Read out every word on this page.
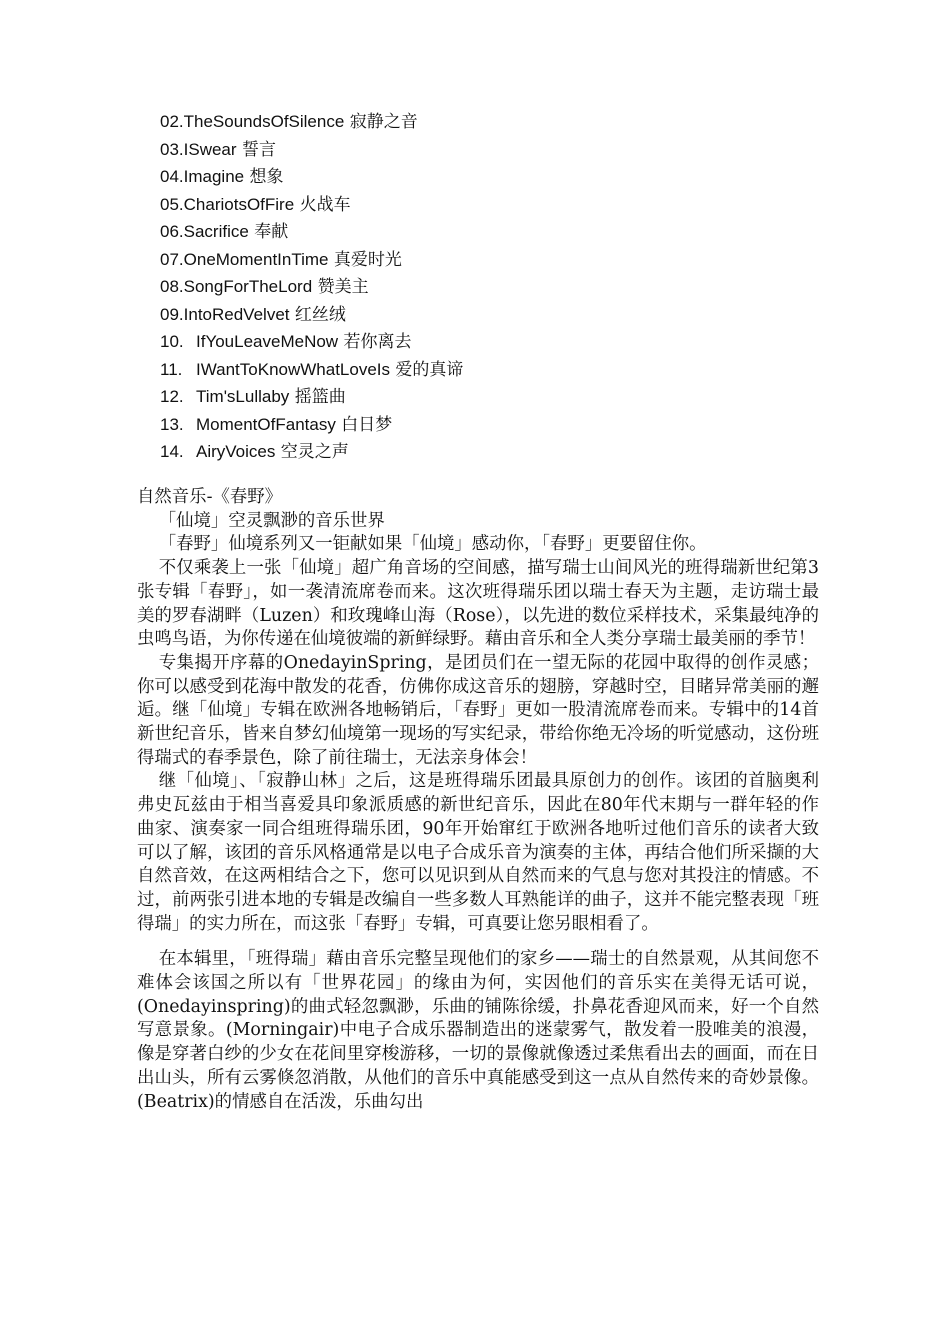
02.TheSoundsOfSilence 寂静之音
03.ISwear 誓言
04.Imagine 想象
05.ChariotsOfFire 火战车
06.Sacrifice 奉献
07.OneMomentInTime 真爱时光
08.SongForTheLord 赞美主
09.IntoRedVelvet 红丝绒
10. IfYouLeaveMeNow 若你离去
11. IWantToKnowWhatLoveIs 爱的真谛
12. Tim'sLullaby 摇篮曲
13. MomentOfFantasy 白日梦
14. AiryVoices 空灵之声

自然音乐-《春野》

「仙境」空灵飘渺的音乐世界

「春野」仙境系列又一钜献如果「仙境」感动你，「春野」更要留住你。

不仅乘袭上一张「仙境」超广角音场的空间感，描写瑞士山间风光的班得瑞新世纪第3张专辑「春野」，如一袭清流席卷而来。这次班得瑞乐团以瑞士春天为主题，走访瑞士最美的罗春湖畔（Luzen）和玫瑰峰山海（Rose），以先进的数位采样技术，采集最纯净的虫鸣鸟语，为你传递在仙境彼端的新鲜绿野。藉由音乐和全人类分享瑞士最美丽的季节！

专集揭开序幕的OnedayinSpring，是团员们在一望无际的花园中取得的创作灵感；你可以感受到花海中散发的花香，仿佛你成这音乐的翅膀，穿越时空，目睹异常美丽的邂逅。继「仙境」专辑在欧洲各地畅销后，「春野」更如一股清流席卷而来。专辑中的14首新世纪音乐，皆来自梦幻仙境第一现场的写实纪录，带给你绝无冷场的听觉感动，这份班得瑞式的春季景色，除了前往瑞士，无法亲身体会！

继「仙境」、「寂静山林」之后，这是班得瑞乐团最具原创力的创作。该团的首脑奥利弗史瓦兹由于相当喜爱具印象派质感的新世纪音乐，因此在80年代末期与一群年轻的作曲家、演奏家一同合组班得瑞乐团，90年开始窜红于欧洲各地听过他们音乐的读者大致可以了解，该团的音乐风格通常是以电子合成乐音为演奏的主体，再结合他们所采撷的大自然音效，在这两相结合之下，您可以见识到从自然而来的气息与您对其投注的情感。不过，前两张引进本地的专辑是改编自一些多数人耳熟能详的曲子，这并不能完整表现「班得瑞」的实力所在，而这张「春野」专辑，可真要让您另眼相看了。

在本辑里，「班得瑞」藉由音乐完整呈现他们的家乡——瑞士的自然景观，从其间您不难体会该国之所以有「世界花园」的缘由为何，实因他们的音乐实在美得无话可说，(Onedayinspring)的曲式轻忽飘渺，乐曲的铺陈徐缓，扑鼻花香迎风而来，好一个自然写意景象。(Morningair)中电子合成乐器制造出的迷蒙雾气，散发着一股唯美的浪漫，像是穿著白纱的少女在花间里穿梭游移，一切的景像就像透过柔焦看出去的画面，而在日出山头，所有云雾倏忽消散，从他们的音乐中真能感受到这一点从自然传来的奇妙景像。(Beatrix)的情感自在活泼，乐曲勾出
